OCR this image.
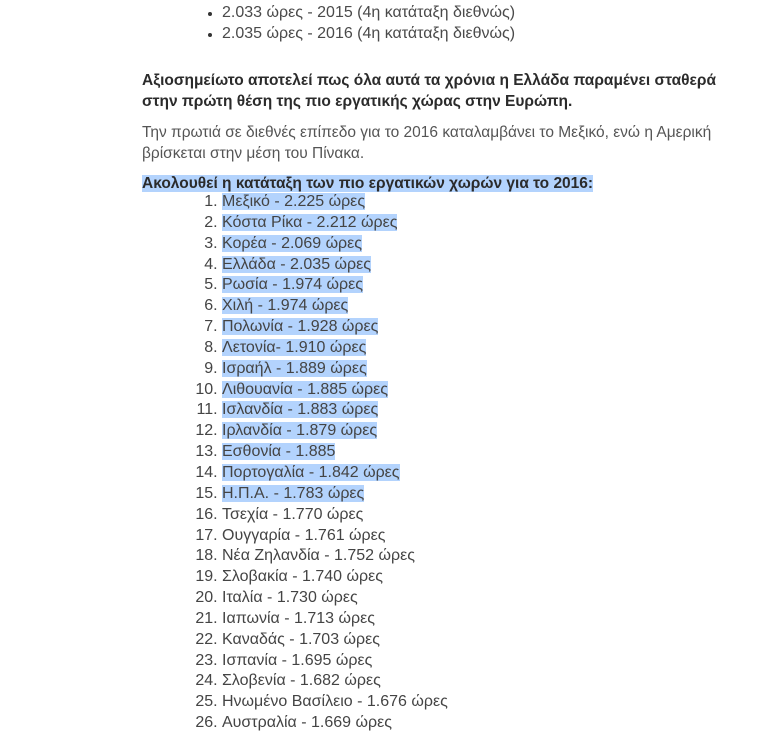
• 2.033 ώρες - 2015 (4η κατάταξη διεθνώς)
• 2.035 ώρες - 2016 (4η κατάταξη διεθνώς)

Αξιοσημείωτο αποτελεί πως όλα αυτά τα χρόνια η Ελλάδα παραμένει σταθερά στην πρώτη θέση της πιο εργατικής χώρας στην Ευρώπη.

Την πρωτιά σε διεθνές επίπεδο για το 2016 καταλαμβάνει το Μεξικό, ενώ η Αμερική βρίσκεται στην μέση του Πίνακα.

Ακολουθεί η κατάταξη των πιο εργατικών χωρών για το 2016:

1. Μεξικό - 2.225 ώρες
2. Κόστα Ρίκα - 2.212 ώρες
3. Κορέα - 2.069 ώρες
4. Ελλάδα - 2.035 ώρες
5. Ρωσία - 1.974 ώρες
6. Χιλή - 1.974 ώρες
7. Πολωνία - 1.928 ώρες
8. Λετονία- 1.910 ώρες
9. Ισραήλ - 1.889 ώρες
10. Λιθουανία - 1.885 ώρες
11. Ισλανδία - 1.883 ώρες
12. Ιρλανδία - 1.879 ώρες
13. Εσθονία - 1.885
14. Πορτογαλία - 1.842 ώρες
15. Η.Π.Α. - 1.783 ώρες
16. Τσεχία - 1.770 ώρες
17. Ουγγαρία - 1.761 ώρες
18. Νέα Ζηλανδία - 1.752 ώρες
19. Σλοβακία - 1.740 ώρες
20. Ιταλία - 1.730 ώρες
21. Ιαπωνία - 1.713 ώρες
22. Καναδάς - 1.703 ώρες
23. Ισπανία - 1.695 ώρες
24. Σλοβενία - 1.682 ώρες
25. Ηνωμένο Βασίλειο - 1.676 ώρες
26. Αυστραλία - 1.669 ώρες
